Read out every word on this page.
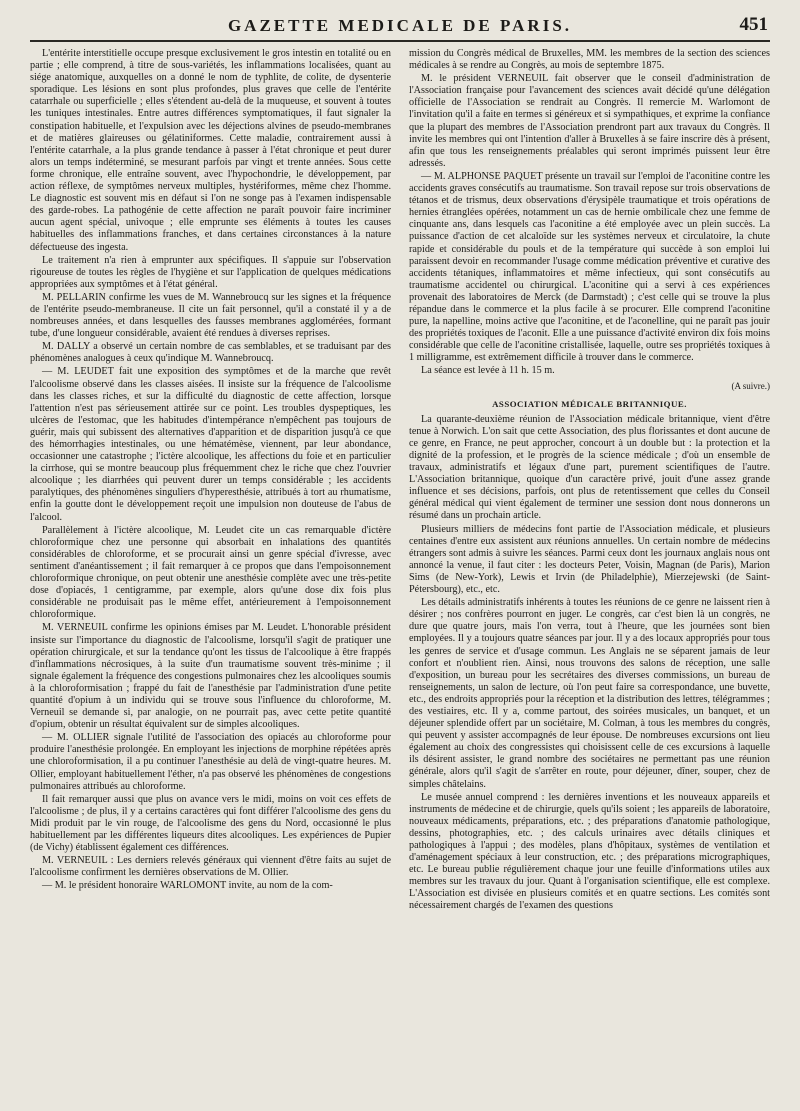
GAZETTE MEDICALE DE PARIS.	451

L'entérite interstitielle occupe presque exclusivement le gros intestin en totalité ou en partie ; elle comprend, à titre de sous-variétés, les inflammations localisées, quant au siége anatomique, auxquelles on a donné le nom de typhlite, de colite, de dysenterie sporadique. Les lésions en sont plus profondes, plus graves que celle de l'entérite catarrhale ou superficielle ; elles s'étendent au-delà de la muqueuse, et souvent à toutes les tuniques intestinales. Entre autres différences symptomatiques, il faut signaler la constipation habituelle, et l'expulsion avec les déjections alvines de pseudo-membranes et de matières glaireuses ou gélatiniformes. Cette maladie, contrairement aussi à l'entérite catarrhale, a la plus grande tendance à passer à l'état chronique et peut durer alors un temps indéterminé, se mesurant parfois par vingt et trente années. Sous cette forme chronique, elle entraîne souvent, avec l'hypochondrie, le développement, par action réflexe, de symptômes nerveux multiples, hystériformes, même chez l'homme. Le diagnostic est souvent mis en défaut si l'on ne songe pas à l'examen indispensable des garde-robes. La pathogénie de cette affection ne paraît pouvoir faire incriminer aucun agent spécial, univoque ; elle emprunte ses éléments à toutes les causes habituelles des inflammations franches, et dans certaines circonstances à la nature défectueuse des ingesta.

Le traitement n'a rien à emprunter aux spécifiques. Il s'appuie sur l'observation rigoureuse de toutes les règles de l'hygiène et sur l'application de quelques médications appropriées aux symptômes et à l'état général.

M. PELLARIN confirme les vues de M. Wannebroucq sur les signes et la fréquence de l'entérite pseudo-membraneuse. Il cite un fait personnel, qu'il a constaté il y a de nombreuses années, et dans lesquelles des fausses membranes agglomérées, formant tube, d'une longueur considérable, avaient été rendues à diverses reprises.

M. DALLY a observé un certain nombre de cas semblables, et se traduisant par des phénomènes analogues à ceux qu'indique M. Wannebroucq.

— M. LEUDET fait une exposition des symptômes et de la marche que revêt l'alcoolisme observé dans les classes aisées. Il insiste sur la fréquence de l'alcoolisme dans les classes riches, et sur la difficulté du diagnostic de cette affection, lorsque l'attention n'est pas sérieusement attirée sur ce point. Les troubles dyspeptiques, les ulcères de l'estomac, que les habitudes d'intempérance n'empêchent pas toujours de guérir, mais qui subissent des alternatives d'apparition et de disparition jusqu'à ce que des hémorrhagies intestinales, ou une hématémèse, viennent, par leur abondance, occasionner une catastrophe ; l'ictère alcoolique, les affections du foie et en particulier la cirrhose, qui se montre beaucoup plus fréquemment chez le riche que chez l'ouvrier alcoolique ; les diarrhées qui peuvent durer un temps considérable ; les accidents paralytiques, des phénomènes singuliers d'hyperesthésie, attribués à tort au rhumatisme, enfin la goutte dont le développement reçoit une impulsion non douteuse de l'abus de l'alcool.

Parallèlement à l'ictère alcoolique, M. Leudet cite un cas remarquable d'ictère chloroformique chez une personne qui absorbait en inhalations des quantités considérables de chloroforme, et se procurait ainsi un genre spécial d'ivresse, avec sentiment d'anéantissement ; il fait remarquer à ce propos que dans l'empoisonnement chloroformique chronique, on peut obtenir une anesthésie complète avec une très-petite dose d'opiacés, 1 centigramme, par exemple, alors qu'une dose dix fois plus considérable ne produisait pas le même effet, antérieurement à l'empoisonnement chloroformique.

M. VERNEUIL confirme les opinions émises par M. Leudet. L'honorable président insiste sur l'importance du diagnostic de l'alcoolisme, lorsqu'il s'agit de pratiquer une opération chirurgicale, et sur la tendance qu'ont les tissus de l'alcoolique à être frappés d'inflammations nécrosiques, à la suite d'un traumatisme souvent très-minime ; il signale également la fréquence des congestions pulmonaires chez les alcooliques soumis à la chloroformisation ; frappé du fait de l'anesthésie par l'administration d'une petite quantité d'opium à un individu qui se trouve sous l'influence du chloroforme, M. Verneuil se demande si, par analogie, on ne pourrait pas, avec cette petite quantité d'opium, obtenir un résultat équivalent sur de simples alcooliques.

— M. OLLIER signale l'utilité de l'association des opiacés au chloroforme pour produire l'anesthésie prolongée. En employant les injections de morphine répétées après une chloroformisation, il a pu continuer l'anesthésie au delà de vingt-quatre heures. M. Ollier, employant habituellement l'éther, n'a pas observé les phénomènes de congestions pulmonaires attribués au chloroforme.

Il fait remarquer aussi que plus on avance vers le midi, moins on voit ces effets de l'alcoolisme ; de plus, il y a certains caractères qui font différer l'alcoolisme des gens du Midi produit par le vin rouge, de l'alcoolisme des gens du Nord, occasionné le plus habituellement par les différentes liqueurs dites alcooliques. Les expériences de Pupier (de Vichy) établissent également ces différences.

M. VERNEUIL : Les derniers relevés généraux qui viennent d'être faits au sujet de l'alcoolisme confirment les dernières observations de M. Ollier.

— M. le président honoraire WARLOMONT invite, au nom de la com-

mission du Congrès médical de Bruxelles, MM. les membres de la section des sciences médicales à se rendre au Congrès, au mois de septembre 1875.

M. le président VERNEUIL fait observer que le conseil d'administration de l'Association française pour l'avancement des sciences avait décidé qu'une délégation officielle de l'Association se rendrait au Congrès. Il remercie M. Warlomont de l'invitation qu'il a faite en termes si généreux et si sympathiques, et exprime la confiance que la plupart des membres de l'Association prendront part aux travaux du Congrès. Il invite les membres qui ont l'intention d'aller à Bruxelles à se faire inscrire dès à présent, afin que tous les renseignements préalables qui seront imprimés puissent leur être adressés.

— M. ALPHONSE PAQUET présente un travail sur l'emploi de l'aconitine contre les accidents graves consécutifs au traumatisme. Son travail repose sur trois observations de tétanos et de trismus, deux observations d'érysipèle traumatique et trois opérations de hernies étranglées opérées, notamment un cas de hernie ombilicale chez une femme de cinquante ans, dans lesquels cas l'aconitine a été employée avec un plein succès. La puissance d'action de cet alcaloïde sur les systèmes nerveux et circulatoire, la chute rapide et considérable du pouls et de la température qui succède à son emploi lui paraissent devoir en recommander l'usage comme médication préventive et curative des accidents tétaniques, inflammatoires et même infectieux, qui sont consécutifs au traumatisme accidentel ou chirurgical. L'aconitine qui a servi à ces expériences provenait des laboratoires de Merck (de Darmstadt) ; c'est celle qui se trouve la plus répandue dans le commerce et la plus facile à se procurer. Elle comprend l'aconitine pure, la napelline, moins active que l'aconitine, et de l'aconelline, qui ne paraît pas jouir des propriétés toxiques de l'aconit. Elle a une puissance d'activité environ dix fois moins considérable que celle de l'aconitine cristallisée, laquelle, outre ses propriétés toxiques à 1 milligramme, est extrêmement difficile à trouver dans le commerce.

La séance est levée à 11 h. 15 m.

(A suivre.)
ASSOCIATION MÉDICALE BRITANNIQUE.

La quarante-deuxième réunion de l'Association médicale britannique, vient d'être tenue à Norwich. L'on sait que cette Association, des plus florissantes et dont aucune de ce genre, en France, ne peut approcher, concourt à un double but : la protection et la dignité de la profession, et le progrès de la science médicale ; d'où un ensemble de travaux, administratifs et légaux d'une part, purement scientifiques de l'autre. L'Association britannique, quoique d'un caractère privé, jouit d'une assez grande influence et ses décisions, parfois, ont plus de retentissement que celles du Conseil général médical qui vient également de terminer une session dont nous donnerons un résumé dans un prochain article.

Plusieurs milliers de médecins font partie de l'Association médicale, et plusieurs centaines d'entre eux assistent aux réunions annuelles. Un certain nombre de médecins étrangers sont admis à suivre les séances. Parmi ceux dont les journaux anglais nous ont annoncé la venue, il faut citer : les docteurs Peter, Voisin, Magnan (de Paris), Marion Sims (de New-York), Lewis et Irvin (de Philadelphie), Mierzejewski (de Saint-Pétersbourg), etc., etc.

Les détails administratifs inhérents à toutes les réunions de ce genre ne laissent rien à désirer ; nos confrères pourront en juger. Le congrès, car c'est bien là un congrès, ne dure que quatre jours, mais l'on verra, tout à l'heure, que les journées sont bien employées. Il y a toujours quatre séances par jour. Il y a des locaux appropriés pour tous les genres de service et d'usage commun. Les Anglais ne se séparent jamais de leur confort et n'oublient rien. Ainsi, nous trouvons des salons de réception, une salle d'exposition, un bureau pour les secrétaires des diverses commissions, un bureau de renseignements, un salon de lecture, où l'on peut faire sa correspondance, une buvette, etc., des endroits appropriés pour la réception et la distribution des lettres, télégrammes ; des vestiaires, etc. Il y a, comme partout, des soirées musicales, un banquet, et un déjeuner splendide offert par un sociétaire, M. Colman, à tous les membres du congrès, qui peuvent y assister accompagnés de leur épouse. De nombreuses excursions ont lieu également au choix des congressistes qui choisissent celle de ces excursions à laquelle ils désirent assister, le grand nombre des sociétaires ne permettant pas une réunion générale, alors qu'il s'agit de s'arrêter en route, pour déjeuner, dîner, souper, chez de simples châtelains.

Le musée annuel comprend : les dernières inventions et les nouveaux appareils et instruments de médecine et de chirurgie, quels qu'ils soient ; les appareils de laboratoire, nouveaux médicaments, préparations, etc. ; des préparations d'anatomie pathologique, dessins, photographies, etc. ; des calculs urinaires avec détails cliniques et pathologiques à l'appui ; des modèles, plans d'hôpitaux, systèmes de ventilation et d'aménagement spéciaux à leur construction, etc. ; des préparations micrographiques, etc. Le bureau publie régulièrement chaque jour une feuille d'informations utiles aux membres sur les travaux du jour. Quant à l'organisation scientifique, elle est complexe. L'Association est divisée en plusieurs comités et en quatre sections. Les comités sont nécessairement chargés de l'examen des questions
